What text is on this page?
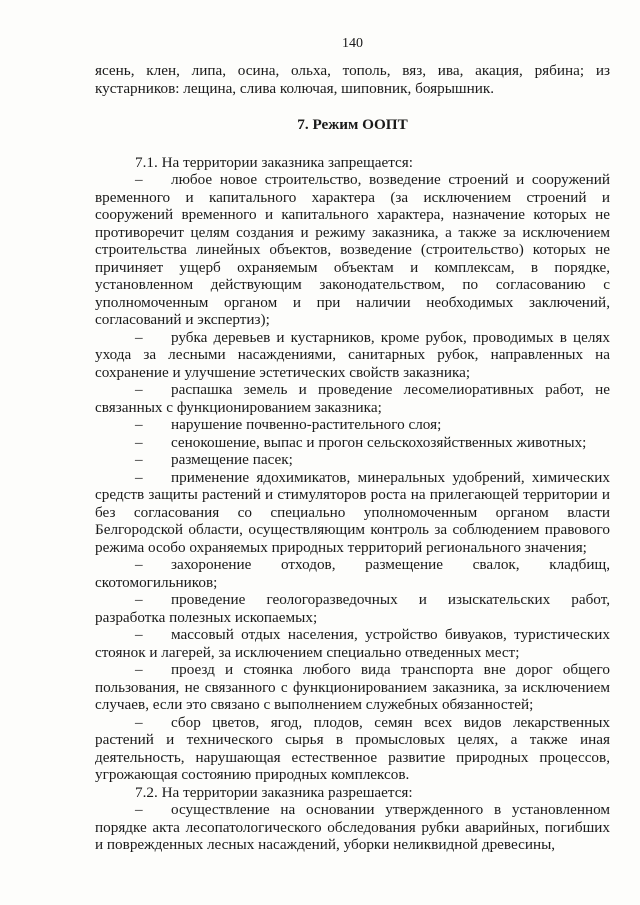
140

ясень, клен, липа, осина, ольха, тополь, вяз, ива, акация, рябина; из кустарников: лещина, слива колючая, шиповник, боярышник.

7. Режим ООПТ

7.1. На территории заказника запрещается:

– любое новое строительство, возведение строений и сооружений временного и капитального характера (за исключением строений и сооружений временного и капитального характера, назначение которых не противоречит целям создания и режиму заказника, а также за исключением строительства линейных объектов, возведение (строительство) которых не причиняет ущерб охраняемым объектам и комплексам, в порядке, установленном действующим законодательством, по согласованию с уполномоченным органом и при наличии необходимых заключений, согласований и экспертиз);

– рубка деревьев и кустарников, кроме рубок, проводимых в целях ухода за лесными насаждениями, санитарных рубок, направленных на сохранение и улучшение эстетических свойств заказника;

– распашка земель и проведение лесомелиоративных работ, не связанных с функционированием заказника;

– нарушение почвенно-растительного слоя;

– сенокошение, выпас и прогон сельскохозяйственных животных;

– размещение пасек;

– применение ядохимикатов, минеральных удобрений, химических средств защиты растений и стимуляторов роста на прилегающей территории и без согласования со специально уполномоченным органом власти Белгородской области, осуществляющим контроль за соблюдением правового режима особо охраняемых природных территорий регионального значения;

– захоронение отходов, размещение свалок, кладбищ, скотомогильников;

– проведение геологоразведочных и изыскательских работ, разработка полезных ископаемых;

– массовый отдых населения, устройство бивуаков, туристических стоянок и лагерей, за исключением специально отведенных мест;

– проезд и стоянка любого вида транспорта вне дорог общего пользования, не связанного с функционированием заказника, за исключением случаев, если это связано с выполнением служебных обязанностей;

– сбор цветов, ягод, плодов, семян всех видов лекарственных растений и технического сырья в промысловых целях, а также иная деятельность, нарушающая естественное развитие природных процессов, угрожающая состоянию природных комплексов.

7.2. На территории заказника разрешается:

– осуществление на основании утвержденного в установленном порядке акта лесопатологического обследования рубки аварийных, погибших и поврежденных лесных насаждений, уборки неликвидной древесины,
